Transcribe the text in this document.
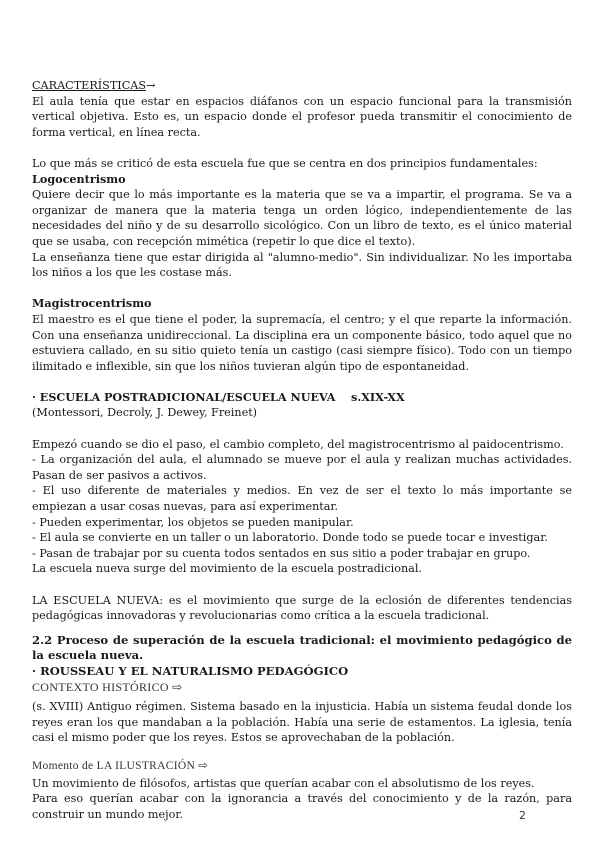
CARACTERÍSTICAS→

El aula tenía que estar en espacios diáfanos con un espacio funcional para la transmisión vertical objetiva. Esto es, un espacio donde el profesor pueda transmitir el conocimiento de forma vertical, en línea recta.

Lo que más se criticó de esta escuela fue que se centra en dos principios fundamentales:

Logocentrismo

Quiere decir que lo más importante es la materia que se va a impartir, el programa. Se va a organizar de manera que la materia tenga un orden lógico, independientemente de las necesidades del niño y de su desarrollo sicológico. Con un libro de texto, es el único material que se usaba, con recepción mimética (repetir lo que dice el texto).

La enseñanza tiene que estar dirigida al "alumno-medio". Sin individualizar. No les importaba los niños a los que les costase más.

Magistrocentrismo

El maestro es el que tiene el poder, la supremacía, el centro; y el que reparte la información. Con una enseñanza unidireccional. La disciplina era un componente básico, todo aquel que no estuviera callado, en su sitio quieto tenía un castigo (casi siempre físico). Todo con un tiempo ilimitado e inflexible, sin que los niños tuvieran algún tipo de espontaneidad.

· ESCUELA POSTRADICIONAL/ESCUELA NUEVA    s.XIX-XX

(Montessori, Decroly, J. Dewey, Freinet)

Empezó cuando se dio el paso, el cambio completo, del magistrocentrismo al paidocentrismo.

- La organización del aula, el alumnado se mueve por el aula y realizan muchas actividades. Pasan de ser pasivos a activos.

- El uso diferente de materiales y medios. En vez de ser el texto lo más importante se empiezan a usar cosas nuevas, para así experimentar.

- Pueden experimentar, los objetos se pueden manipular.

- El aula se convierte en un taller o un laboratorio. Donde todo se puede tocar e investigar.

- Pasan de trabajar por su cuenta todos sentados en sus sitio a poder trabajar en grupo.

La escuela nueva surge del movimiento de la escuela postradicional.

LA ESCUELA NUEVA: es el movimiento que surge de la eclosión de diferentes tendencias pedagógicas innovadoras y revolucionarias como crítica a la escuela tradicional.

2.2 Proceso de superación de la escuela tradicional: el movimiento pedagógico de la escuela nueva.

· ROUSSEAU Y EL NATURALISMO PEDAGÓGICO

CONTEXTO HISTÓRICO ⇨

(s. XVIII) Antiguo régimen. Sistema basado en la injusticia. Había un sistema feudal donde los reyes eran los que mandaban a la población. Había una serie de estamentos. La iglesia, tenía casi el mismo poder que los reyes. Estos se aprovechaban de la población.

Momento de LA ILUSTRACIÓN ⇨

Un movimiento de filósofos, artistas que querían acabar con el absolutismo de los reyes.

Para eso querían acabar con la ignorancia a través del conocimiento y de la razón, para construir un mundo mejor.	2
